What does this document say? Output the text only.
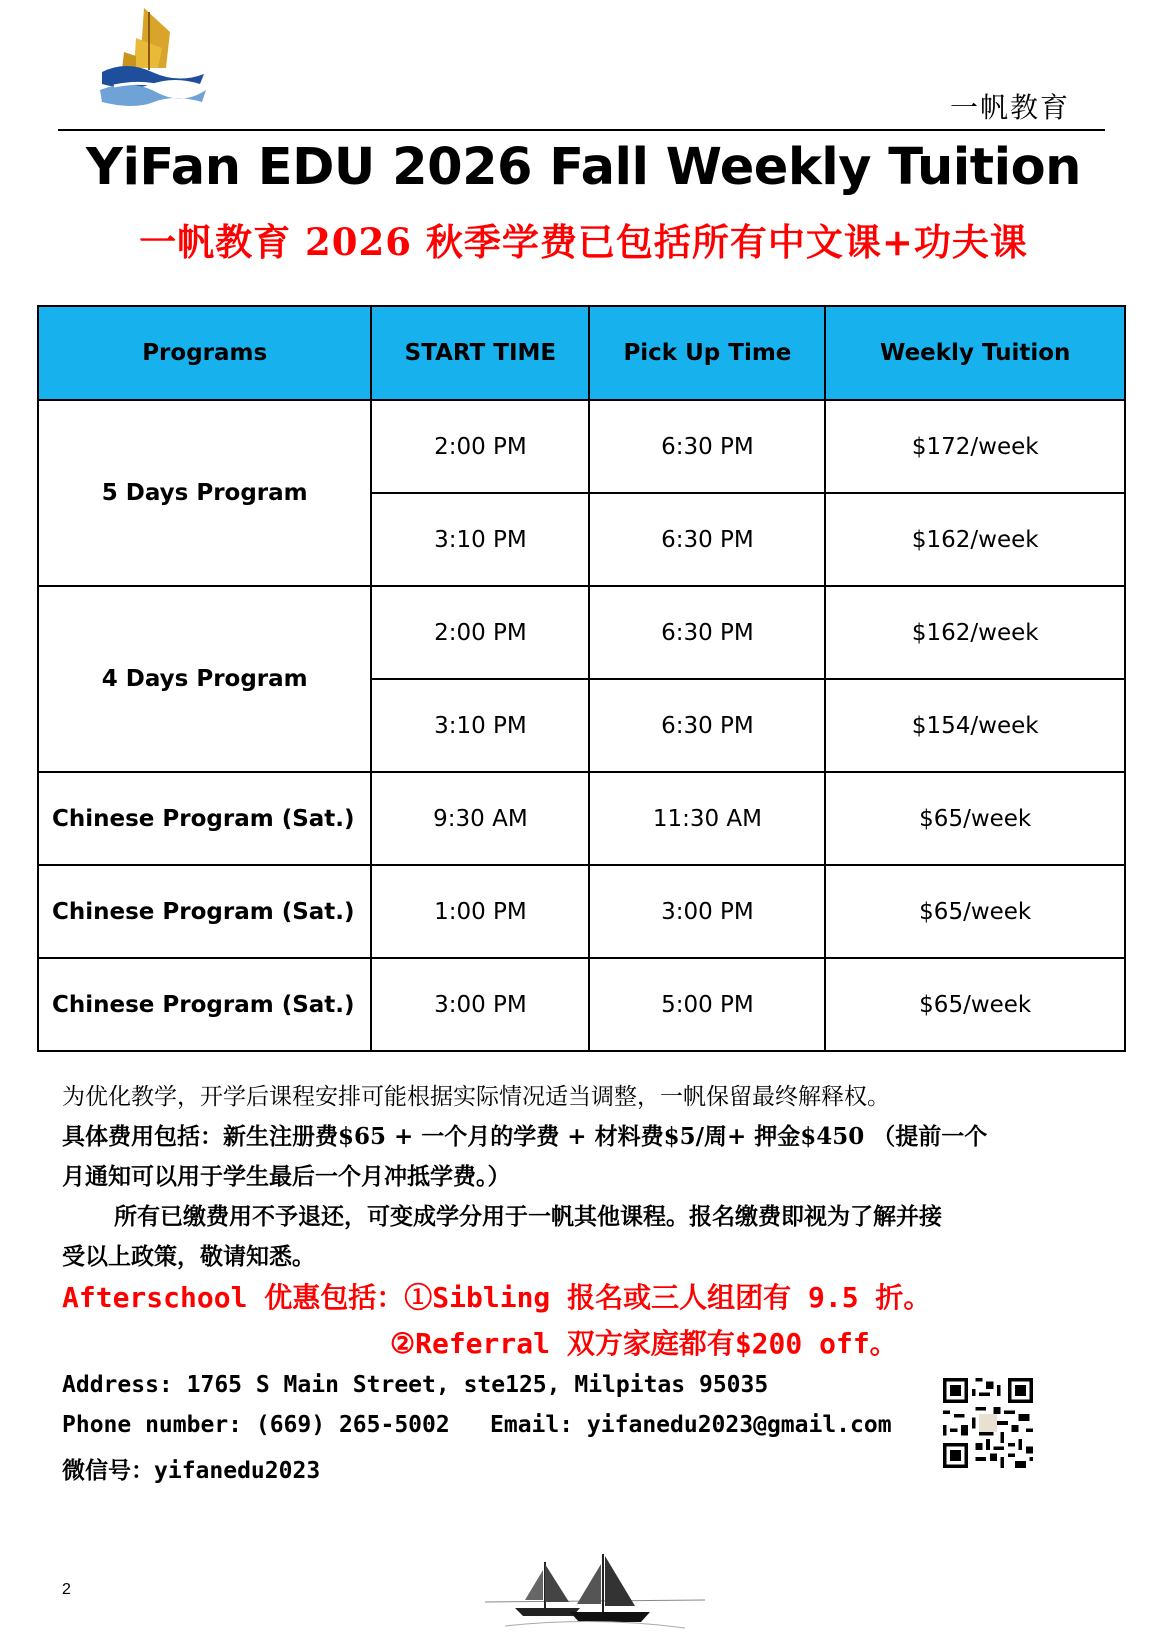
一帆教育
YiFan EDU 2026 Fall Weekly Tuition
一帆教育 2026 秋季学费已包括所有中文课+功夫课
Programs	START TIME	Pick Up Time	Weekly Tuition
5 Days Program	2:00 PM	6:30 PM	$172/week
	3:10 PM	6:30 PM	$162/week
4 Days Program	2:00 PM	6:30 PM	$162/week
	3:10 PM	6:30 PM	$154/week
Chinese Program (Sat.)	9:30 AM	11:30 AM	$65/week
Chinese Program (Sat.)	1:00 PM	3:00 PM	$65/week
Chinese Program (Sat.)	3:00 PM	5:00 PM	$65/week
为优化教学，开学后课程安排可能根据实际情况适当调整，一帆保留最终解释权。
具体费用包括：新生注册费$65 + 一个月的学费 + 材料费$5/周+ 押金$450 （提前一个
月通知可以用于学生最后一个月冲抵学费。）
所有已缴费用不予退还，可变成学分用于一帆其他课程。报名缴费即视为了解并接
受以上政策，敬请知悉。
Afterschool 优惠包括：①Sibling 报名或三人组团有 9.5 折。
②Referral 双方家庭都有$200 off。
Address: 1765 S Main Street, ste125, Milpitas 95035
Phone number: (669) 265-5002 Email: yifanedu2023@gmail.com
微信号：yifanedu2023
2
